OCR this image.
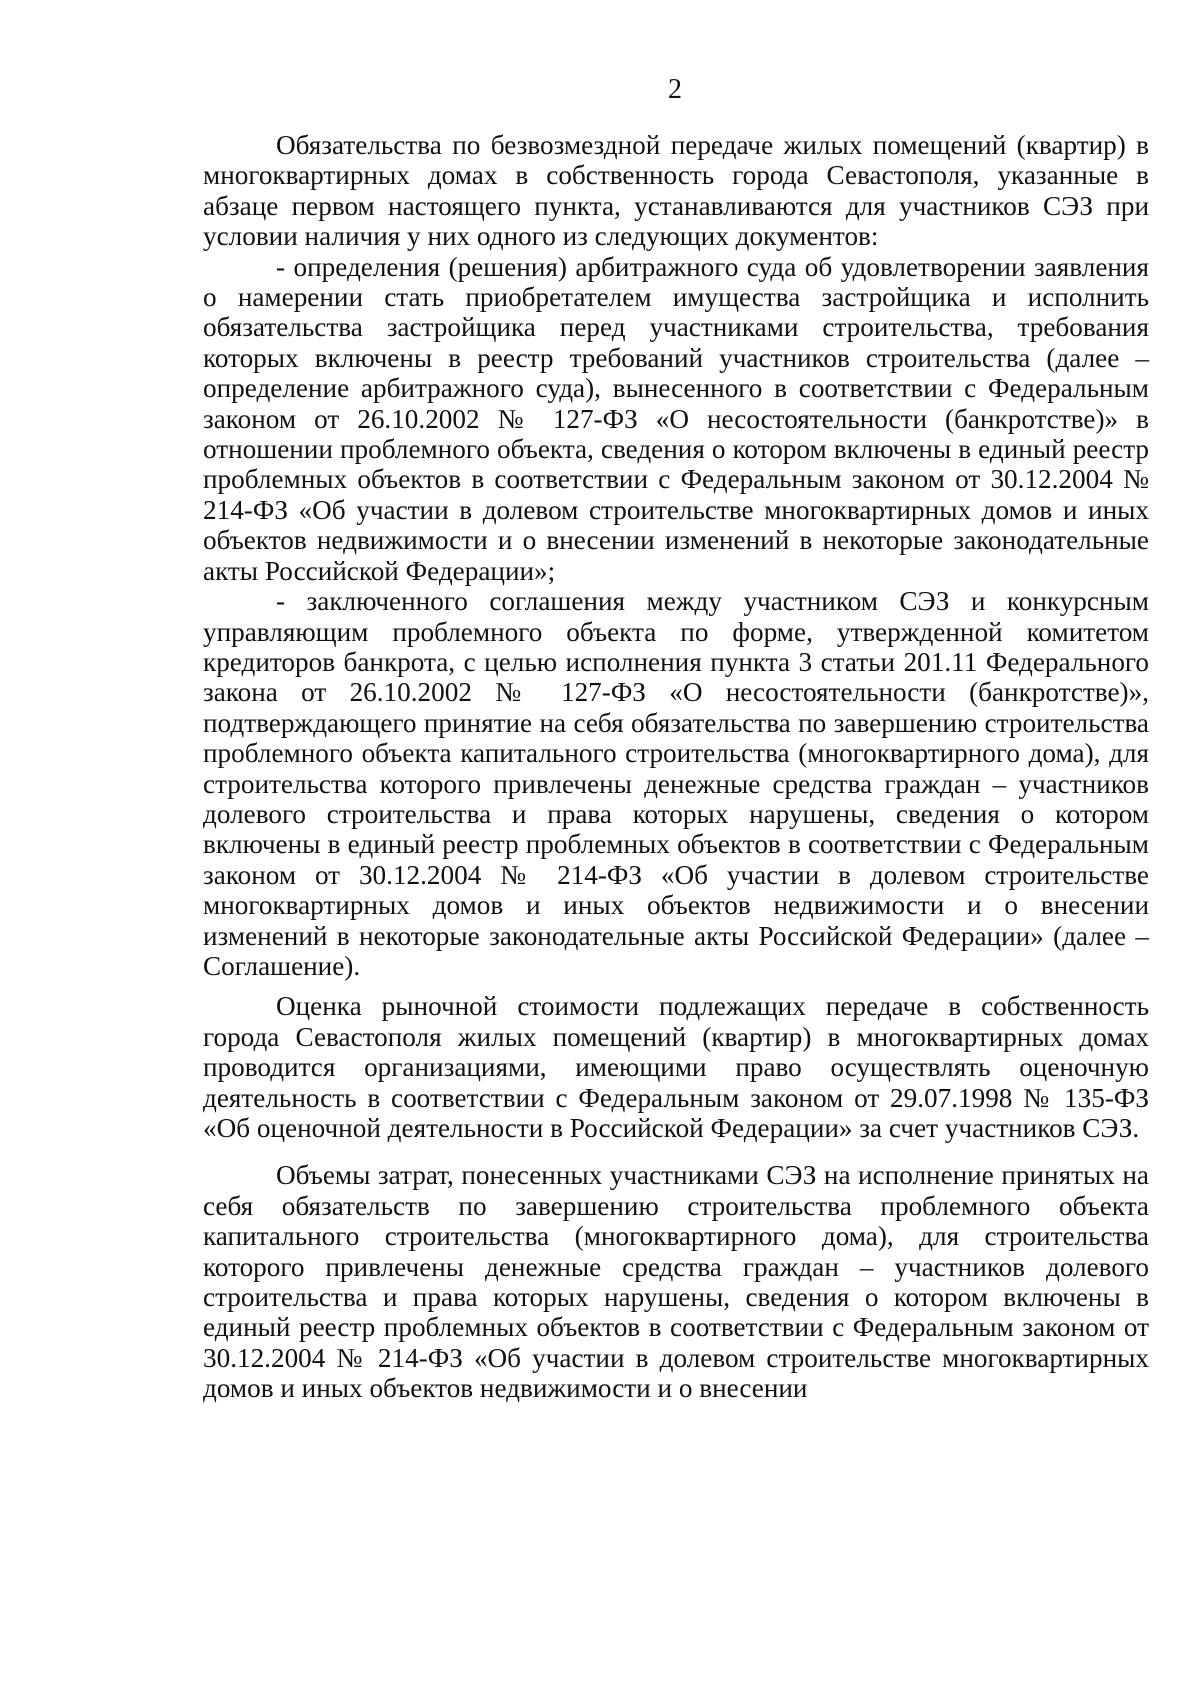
2

Обязательства по безвозмездной передаче жилых помещений (квартир) в многоквартирных домах в собственность города Севастополя, указанные в абзаце первом настоящего пункта, устанавливаются для участников СЭЗ при условии наличия у них одного из следующих документов:

- определения (решения) арбитражного суда об удовлетворении заявления о намерении стать приобретателем имущества застройщика и исполнить обязательства застройщика перед участниками строительства, требования которых включены в реестр требований участников строительства (далее – определение арбитражного суда), вынесенного в соответствии с Федеральным законом от 26.10.2002 № 127-ФЗ «О несостоятельности (банкротстве)» в отношении проблемного объекта, сведения о котором включены в единый реестр проблемных объектов в соответствии с Федеральным законом от 30.12.2004 № 214-ФЗ «Об участии в долевом строительстве многоквартирных домов и иных объектов недвижимости и о внесении изменений в некоторые законодательные акты Российской Федерации»;

- заключенного соглашения между участником СЭЗ и конкурсным управляющим проблемного объекта по форме, утвержденной комитетом кредиторов банкрота, с целью исполнения пункта 3 статьи 201.11 Федерального закона от 26.10.2002 № 127-ФЗ «О несостоятельности (банкротстве)», подтверждающего принятие на себя обязательства по завершению строительства проблемного объекта капитального строительства (многоквартирного дома), для строительства которого привлечены денежные средства граждан – участников долевого строительства и права которых нарушены, сведения о котором включены в единый реестр проблемных объектов в соответствии с Федеральным законом от 30.12.2004 № 214-ФЗ «Об участии в долевом строительстве многоквартирных домов и иных объектов недвижимости и о внесении изменений в некоторые законодательные акты Российской Федерации» (далее – Соглашение).

Оценка рыночной стоимости подлежащих передаче в собственность города Севастополя жилых помещений (квартир) в многоквартирных домах проводится организациями, имеющими право осуществлять оценочную деятельность в соответствии с Федеральным законом от 29.07.1998 № 135-ФЗ «Об оценочной деятельности в Российской Федерации» за счет участников СЭЗ.

Объемы затрат, понесенных участниками СЭЗ на исполнение принятых на себя обязательств по завершению строительства проблемного объекта капитального строительства (многоквартирного дома), для строительства которого привлечены денежные средства граждан – участников долевого строительства и права которых нарушены, сведения о котором включены в единый реестр проблемных объектов в соответствии с Федеральным законом от 30.12.2004 № 214-ФЗ «Об участии в долевом строительстве многоквартирных домов и иных объектов недвижимости и о внесении
